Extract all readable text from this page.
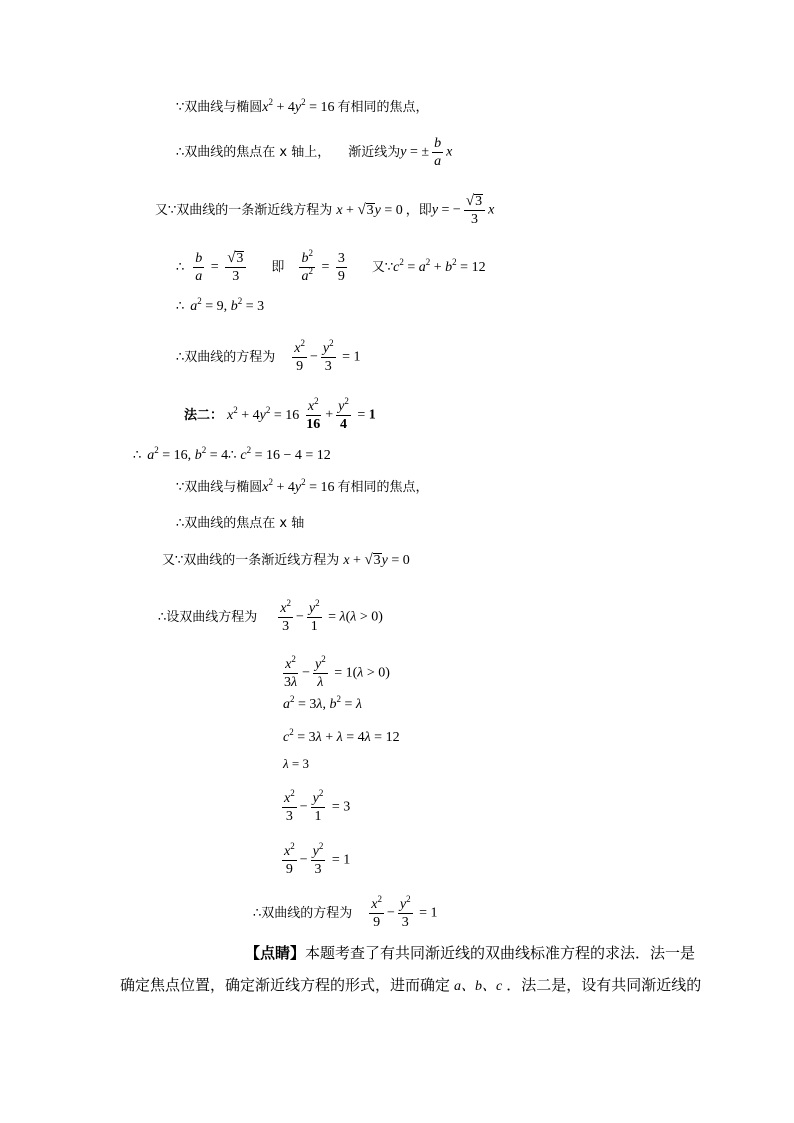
∵ 双曲线与椭圆 $x^2 + 4y^2 = 16$ 有相同的焦点，
∴ 双曲线的焦点在 x 轴上， 渐近线为 y = ± $\frac{b}{a}$ x
又 ∵ 双曲线的一条渐近线方程为 x + √ 3 y = 0 ，即 y = − $\frac{√ 3}{3}$ x
∴ $\frac{b}{a} = \frac{√ 3}{3}$ 即 $\frac{b^2}{a^2} = \frac{3}{9}$ 又 ∵ $c^2 = a^2 + b^2 = 12$
∴ $a^2 = 9$, $b^2 = 3$
∴ 双曲线的方程为 $\frac{x^2}{9} - \frac{y^2}{3} = 1$
法二： $x^2 + 4y^2 = 16 \frac{x^2}{16} + \frac{y^2}{4} = 1$
∴ $a^2 = 16$, $b^2 = 4$ ∴ $c^2 = 16 - 4 = 12$
∵ 双曲线与椭圆 $x^2 + 4y^2 = 16$ 有相同的焦点，
∴ 双曲线的焦点在 x 轴
又 ∵ 双曲线的一条渐近线方程为 x + √ 3 y = 0
∴ 设双曲线方程为 $\frac{x^2}{3} - \frac{y^2}{1} = \lambda(\lambda > 0)$
$\frac{x^2}{3\lambda} - \frac{y^2}{\lambda} = 1(\lambda > 0)$
$a^2 = 3\lambda$, $b^2 = \lambda$
$c^2 = 3\lambda + \lambda = 4\lambda = 12$
λ = 3
$\frac{x^2}{3} - \frac{y^2}{1} = 3$
$\frac{x^2}{9} - \frac{y^2}{3} = 1$
∴ 双曲线的方程为 $\frac{x^2}{9} - \frac{y^2}{3} = 1$
【点睛】本题考查了有共同渐近线的双曲线标准方程的求法．法一是
确定焦点位置，确定渐近线方程的形式，进而确定 a、b、c ．法二是，设有共同渐近线的
